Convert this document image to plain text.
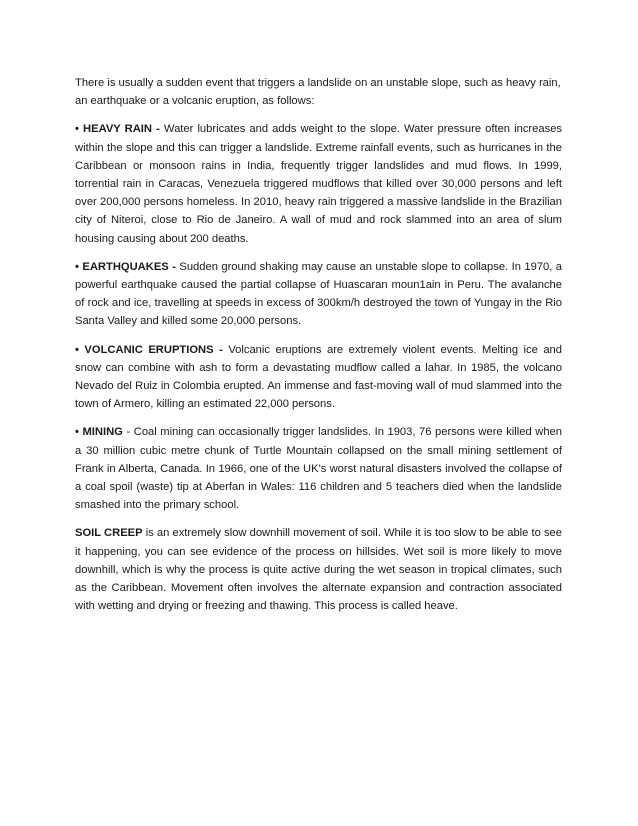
There is usually a sudden event that triggers a landslide on an unstable slope, such as heavy rain, an earthquake or a volcanic eruption, as follows:

• HEAVY RAIN - Water lubricates and adds weight to the slope. Water pressure often increases within the slope and this can trigger a landslide. Extreme rainfall events, such as hurricanes in the Caribbean or monsoon rains in India, frequently trigger landslides and mud flows. In 1999, torrential rain in Caracas, Venezuela triggered mudflows that killed over 30,000 persons and left over 200,000 persons homeless. In 2010, heavy rain triggered a massive landslide in the Brazilian city of Niteroi, close to Rio de Janeiro. A wall of mud and rock slammed into an area of slum housing causing about 200 deaths.

• EARTHQUAKES - Sudden ground shaking may cause an unstable slope to collapse. In 1970, a powerful earthquake caused the partial collapse of Huascaran moun1ain in Peru. The avalanche of rock and ice, travelling at speeds in excess of 300km/h destroyed the town of Yungay in the Rio Santa Valley and killed some 20,000 persons.

• VOLCANIC ERUPTIONS - Volcanic eruptions are extremely violent events. Melting ice and snow can combine with ash to form a devastating mudflow called a lahar. In 1985, the volcano Nevado del Ruiz in Colombia erupted. An immense and fast-moving wall of mud slammed into the town of Armero, killing an estimated 22,000 persons.

• MINING - Coal mining can occasionally trigger landslides. In 1903, 76 persons were killed when a 30 million cubic metre chunk of Turtle Mountain collapsed on the small mining settlement of Frank in Alberta, Canada. In 1966, one of the UK's worst natural disasters involved the collapse of a coal spoil (waste) tip at Aberfan in Wales: 116 children and 5 teachers died when the landslide smashed into the primary school.

SOIL CREEP is an extremely slow downhill movement of soil. While it is too slow to be able to see it happening, you can see evidence of the process on hillsides. Wet soil is more likely to move downhill, which is why the process is quite active during the wet season in tropical climates, such as the Caribbean. Movement often involves the alternate expansion and contraction associated with wetting and drying or freezing and thawing. This process is called heave.
